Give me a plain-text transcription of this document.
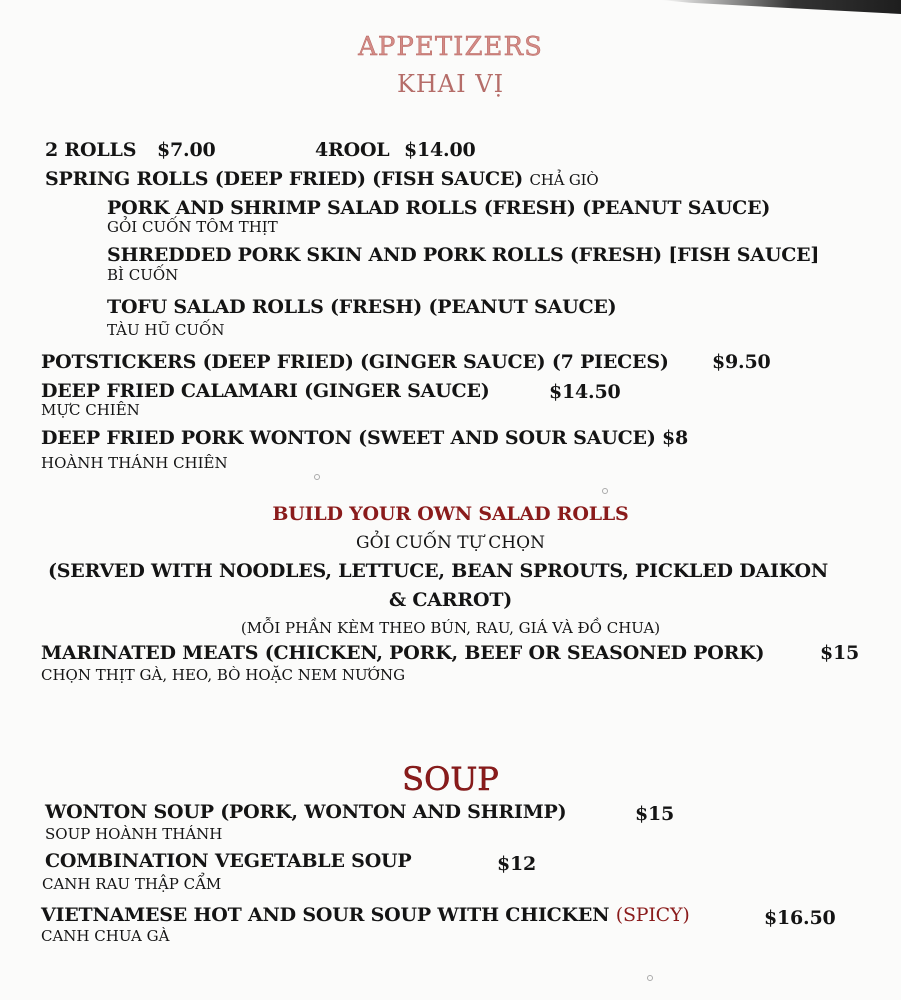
APPETIZERS
KHAI VỊ
2 ROLLS $7.00	4ROOL $14.00
SPRING ROLLS (DEEP FRIED) (FISH SAUCE) CHẢ GIÒ
PORK AND SHRIMP SALAD ROLLS (FRESH) (PEANUT SAUCE)
GỎI CUỐN TÔM THỊT
SHREDDED PORK SKIN AND PORK ROLLS (FRESH) [FISH SAUCE]
BÌ CUỐN
TOFU SALAD ROLLS (FRESH) (PEANUT SAUCE)
TÀU HŨ CUỐN
POTSTICKERS (DEEP FRIED) (GINGER SAUCE) (7 PIECES) $9.50
DEEP FRIED CALAMARI (GINGER SAUCE)	$14.50
MỰC CHIÊN
DEEP FRIED PORK WONTON (SWEET AND SOUR SAUCE) $8
HOÀNH THÁNH CHIÊN
BUILD YOUR OWN SALAD ROLLS
GỎI CUỐN TỰ CHỌN
(SERVED WITH NOODLES, LETTUCE, BEAN SPROUTS, PICKLED DAIKON
& CARROT)
(MỖI PHẦN KÈM THEO BÚN, RAU, GIÁ VÀ ĐỒ CHUA)
MARINATED MEATS (CHICKEN, PORK, BEEF OR SEASONED PORK)	$15
CHỌN THỊT GÀ, HEO, BÒ HOẶC NEM NƯỚNG
SOUP
WONTON SOUP (PORK, WONTON AND SHRIMP)	$15
SOUP HOÀNH THÁNH
COMBINATION VEGETABLE SOUP	$12
CANH RAU THẬP CẨM
VIETNAMESE HOT AND SOUR SOUP WITH CHICKEN (SPICY)	$16.50
CANH CHUA GÀ
